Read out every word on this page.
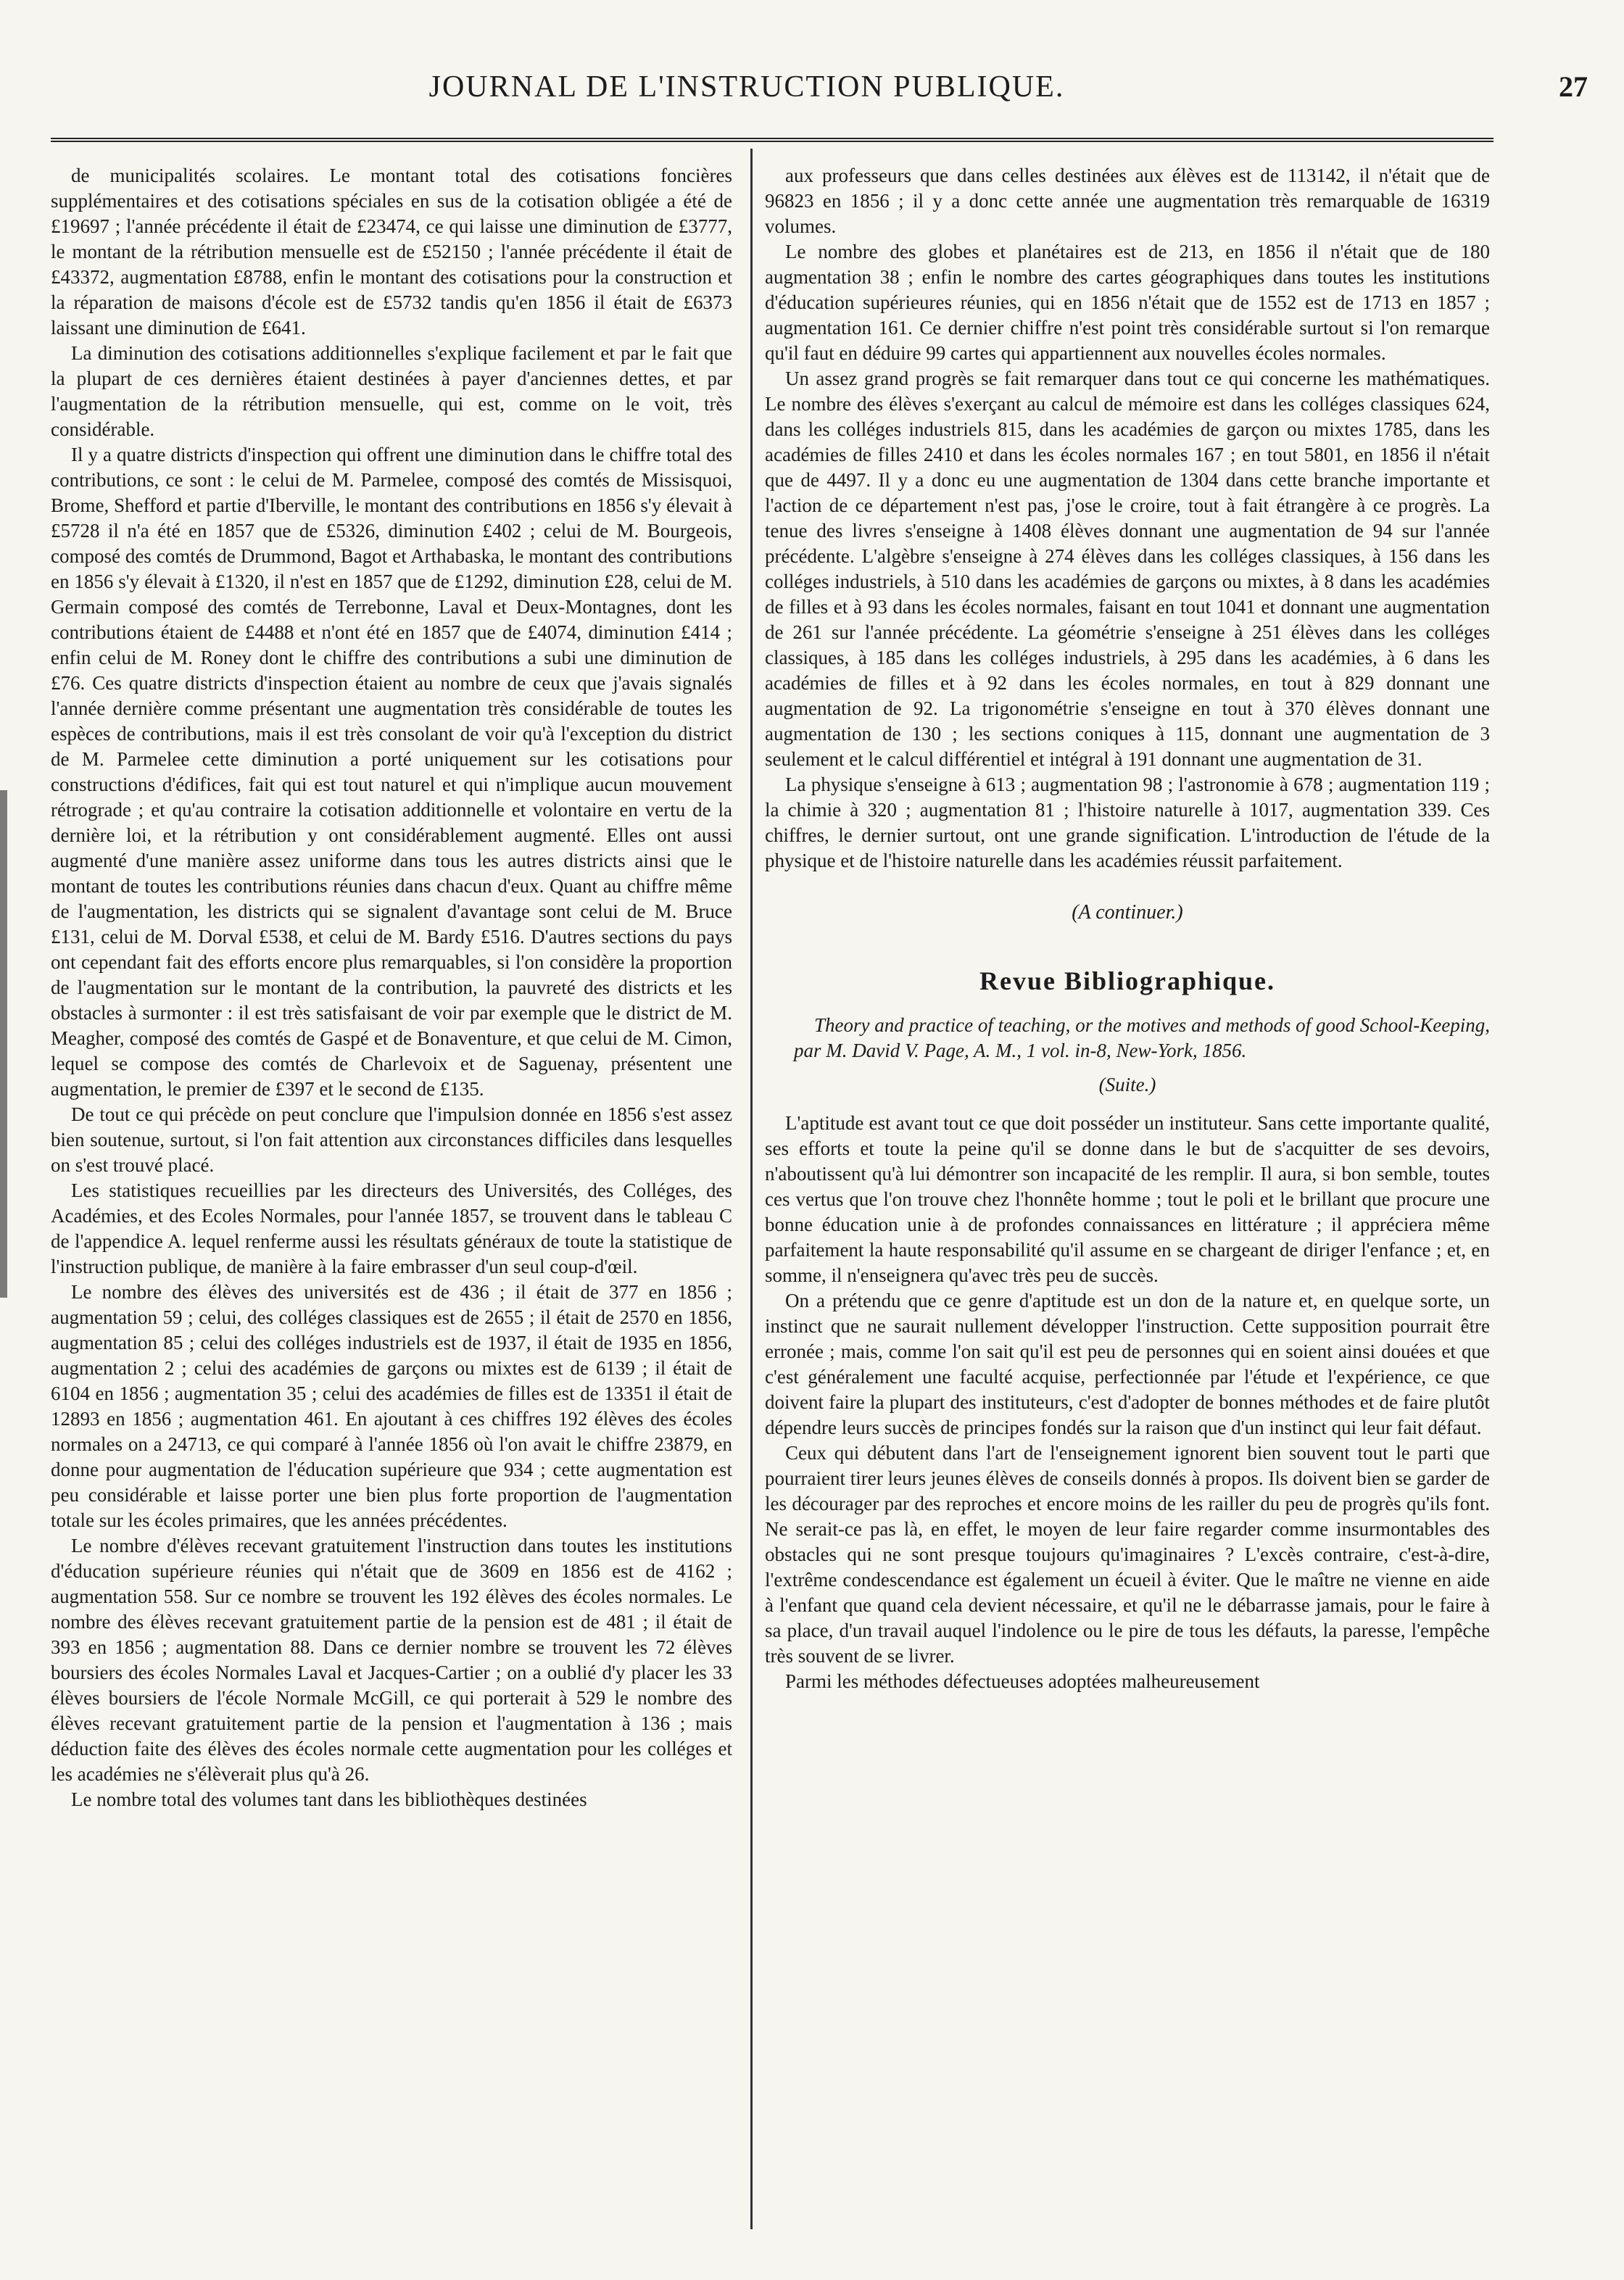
JOURNAL DE L'INSTRUCTION PUBLIQUE.	27

de municipalités scolaires. Le montant total des cotisations foncières supplémentaires et des cotisations spéciales en sus de la cotisation obligée a été de £19697 ; l'année précédente il était de £23474, ce qui laisse une diminution de £3777, le montant de la rétribution mensuelle est de £52150 ; l'année précédente il était de £43372, augmentation £8788, enfin le montant des cotisations pour la construction et la réparation de maisons d'école est de £5732 tandis qu'en 1856 il était de £6373 laissant une diminution de £641.

La diminution des cotisations additionnelles s'explique facilement et par le fait que la plupart de ces dernières étaient destinées à payer d'anciennes dettes, et par l'augmentation de la rétribution mensuelle, qui est, comme on le voit, très considérable.

Il y a quatre districts d'inspection qui offrent une diminution dans le chiffre total des contributions, ce sont : le celui de M. Parmelee, composé des comtés de Missisquoi, Brome, Shefford et partie d'Iberville, le montant des contributions en 1856 s'y élevait à £5728 il n'a été en 1857 que de £5326, diminution £402 ; celui de M. Bourgeois, composé des comtés de Drummond, Bagot et Arthabaska, le montant des contributions en 1856 s'y élevait à £1320, il n'est en 1857 que de £1292, diminution £28, celui de M. Germain composé des comtés de Terrebonne, Laval et Deux-Montagnes, dont les contributions étaient de £4488 et n'ont été en 1857 que de £4074, diminution £414 ; enfin celui de M. Roney dont le chiffre des contributions a subi une diminution de £76. Ces quatre districts d'inspection étaient au nombre de ceux que j'avais signalés l'année dernière comme présentant une augmentation très considérable de toutes les espèces de contributions, mais il est très consolant de voir qu'à l'exception du district de M. Parmelee cette diminution a porté uniquement sur les cotisations pour constructions d'édifices, fait qui est tout naturel et qui n'implique aucun mouvement rétrograde ; et qu'au contraire la cotisation additionnelle et volontaire en vertu de la dernière loi, et la rétribution y ont considérablement augmenté. Elles ont aussi augmenté d'une manière assez uniforme dans tous les autres districts ainsi que le montant de toutes les contributions réunies dans chacun d'eux. Quant au chiffre même de l'augmentation, les districts qui se signalent d'avantage sont celui de M. Bruce £131, celui de M. Dorval £538, et celui de M. Bardy £516. D'autres sections du pays ont cependant fait des efforts encore plus remarquables, si l'on considère la proportion de l'augmentation sur le montant de la contribution, la pauvreté des districts et les obstacles à surmonter : il est très satisfaisant de voir par exemple que le district de M. Meagher, composé des comtés de Gaspé et de Bonaventure, et que celui de M. Cimon, lequel se compose des comtés de Charlevoix et de Saguenay, présentent une augmentation, le premier de £397 et le second de £135.

De tout ce qui précède on peut conclure que l'impulsion donnée en 1856 s'est assez bien soutenue, surtout, si l'on fait attention aux circonstances difficiles dans lesquelles on s'est trouvé placé.

Les statistiques recueillies par les directeurs des Universités, des Colléges, des Académies, et des Ecoles Normales, pour l'année 1857, se trouvent dans le tableau C de l'appendice A. lequel renferme aussi les résultats généraux de toute la statistique de l'instruction publique, de manière à la faire embrasser d'un seul coup-d'œil.

Le nombre des élèves des universités est de 436 ; il était de 377 en 1856 ; augmentation 59 ; celui, des colléges classiques est de 2655 ; il était de 2570 en 1856, augmentation 85 ; celui des colléges industriels est de 1937, il était de 1935 en 1856, augmentation 2 ; celui des académies de garçons ou mixtes est de 6139 ; il était de 6104 en 1856 ; augmentation 35 ; celui des académies de filles est de 13351 il était de 12893 en 1856 ; augmentation 461. En ajoutant à ces chiffres 192 élèves des écoles normales on a 24713, ce qui comparé à l'année 1856 où l'on avait le chiffre 23879, en donne pour augmentation de l'éducation supérieure que 934 ; cette augmentation est peu considérable et laisse porter une bien plus forte proportion de l'augmentation totale sur les écoles primaires, que les années précédentes.

Le nombre d'élèves recevant gratuitement l'instruction dans toutes les institutions d'éducation supérieure réunies qui n'était que de 3609 en 1856 est de 4162 ; augmentation 558. Sur ce nombre se trouvent les 192 élèves des écoles normales. Le nombre des élèves recevant gratuitement partie de la pension est de 481 ; il était de 393 en 1856 ; augmentation 88. Dans ce dernier nombre se trouvent les 72 élèves boursiers des écoles Normales Laval et Jacques-Cartier ; on a oublié d'y placer les 33 élèves boursiers de l'école Normale McGill, ce qui porterait à 529 le nombre des élèves recevant gratuitement partie de la pension et l'augmentation à 136 ; mais déduction faite des élèves des écoles normale cette augmentation pour les colléges et les académies ne s'élèverait plus qu'à 26.

Le nombre total des volumes tant dans les bibliothèques destinées

aux professeurs que dans celles destinées aux élèves est de 113142, il n'était que de 96823 en 1856 ; il y a donc cette année une augmentation très remarquable de 16319 volumes.

Le nombre des globes et planétaires est de 213, en 1856 il n'était que de 180 augmentation 38 ; enfin le nombre des cartes géographiques dans toutes les institutions d'éducation supérieures réunies, qui en 1856 n'était que de 1552 est de 1713 en 1857 ; augmentation 161. Ce dernier chiffre n'est point très considérable surtout si l'on remarque qu'il faut en déduire 99 cartes qui appartiennent aux nouvelles écoles normales.

Un assez grand progrès se fait remarquer dans tout ce qui concerne les mathématiques. Le nombre des élèves s'exerçant au calcul de mémoire est dans les colléges classiques 624, dans les colléges industriels 815, dans les académies de garçon ou mixtes 1785, dans les académies de filles 2410 et dans les écoles normales 167 ; en tout 5801, en 1856 il n'était que de 4497. Il y a donc eu une augmentation de 1304 dans cette branche importante et l'action de ce département n'est pas, j'ose le croire, tout à fait étrangère à ce progrès. La tenue des livres s'enseigne à 1408 élèves donnant une augmentation de 94 sur l'année précédente. L'algèbre s'enseigne à 274 élèves dans les colléges classiques, à 156 dans les colléges industriels, à 510 dans les académies de garçons ou mixtes, à 8 dans les académies de filles et à 93 dans les écoles normales, faisant en tout 1041 et donnant une augmentation de 261 sur l'année précédente. La géométrie s'enseigne à 251 élèves dans les colléges classiques, à 185 dans les colléges industriels, à 295 dans les académies, à 6 dans les académies de filles et à 92 dans les écoles normales, en tout à 829 donnant une augmentation de 92. La trigonométrie s'enseigne en tout à 370 élèves donnant une augmentation de 130 ; les sections coniques à 115, donnant une augmentation de 3 seulement et le calcul différentiel et intégral à 191 donnant une augmentation de 31.

La physique s'enseigne à 613 ; augmentation 98 ; l'astronomie à 678 ; augmentation 119 ; la chimie à 320 ; augmentation 81 ; l'histoire naturelle à 1017, augmentation 339. Ces chiffres, le dernier surtout, ont une grande signification. L'introduction de l'étude de la physique et de l'histoire naturelle dans les académies réussit parfaitement.

(A continuer.)
Revue Bibliographique.

Theory and practice of teaching, or the motives and methods of good School-Keeping, par M. David V. Page, A. M., 1 vol. in-8, New-York, 1856.

(Suite.)

L'aptitude est avant tout ce que doit posséder un instituteur. Sans cette importante qualité, ses efforts et toute la peine qu'il se donne dans le but de s'acquitter de ses devoirs, n'aboutissent qu'à lui démontrer son incapacité de les remplir. Il aura, si bon semble, toutes ces vertus que l'on trouve chez l'honnête homme ; tout le poli et le brillant que procure une bonne éducation unie à de profondes connaissances en littérature ; il appréciera même parfaitement la haute responsabilité qu'il assume en se chargeant de diriger l'enfance ; et, en somme, il n'enseignera qu'avec très peu de succès.

On a prétendu que ce genre d'aptitude est un don de la nature et, en quelque sorte, un instinct que ne saurait nullement développer l'instruction. Cette supposition pourrait être erronée ; mais, comme l'on sait qu'il est peu de personnes qui en soient ainsi douées et que c'est généralement une faculté acquise, perfectionnée par l'étude et l'expérience, ce que doivent faire la plupart des instituteurs, c'est d'adopter de bonnes méthodes et de faire plutôt dépendre leurs succès de principes fondés sur la raison que d'un instinct qui leur fait défaut.

Ceux qui débutent dans l'art de l'enseignement ignorent bien souvent tout le parti que pourraient tirer leurs jeunes élèves de conseils donnés à propos. Ils doivent bien se garder de les décourager par des reproches et encore moins de les railler du peu de progrès qu'ils font. Ne serait-ce pas là, en effet, le moyen de leur faire regarder comme insurmontables des obstacles qui ne sont presque toujours qu'imaginaires ? L'excès contraire, c'est-à-dire, l'extrême condescendance est également un écueil à éviter. Que le maître ne vienne en aide à l'enfant que quand cela devient nécessaire, et qu'il ne le débarrasse jamais, pour le faire à sa place, d'un travail auquel l'indolence ou le pire de tous les défauts, la paresse, l'empêche très souvent de se livrer.

Parmi les méthodes défectueuses adoptées malheureusement
